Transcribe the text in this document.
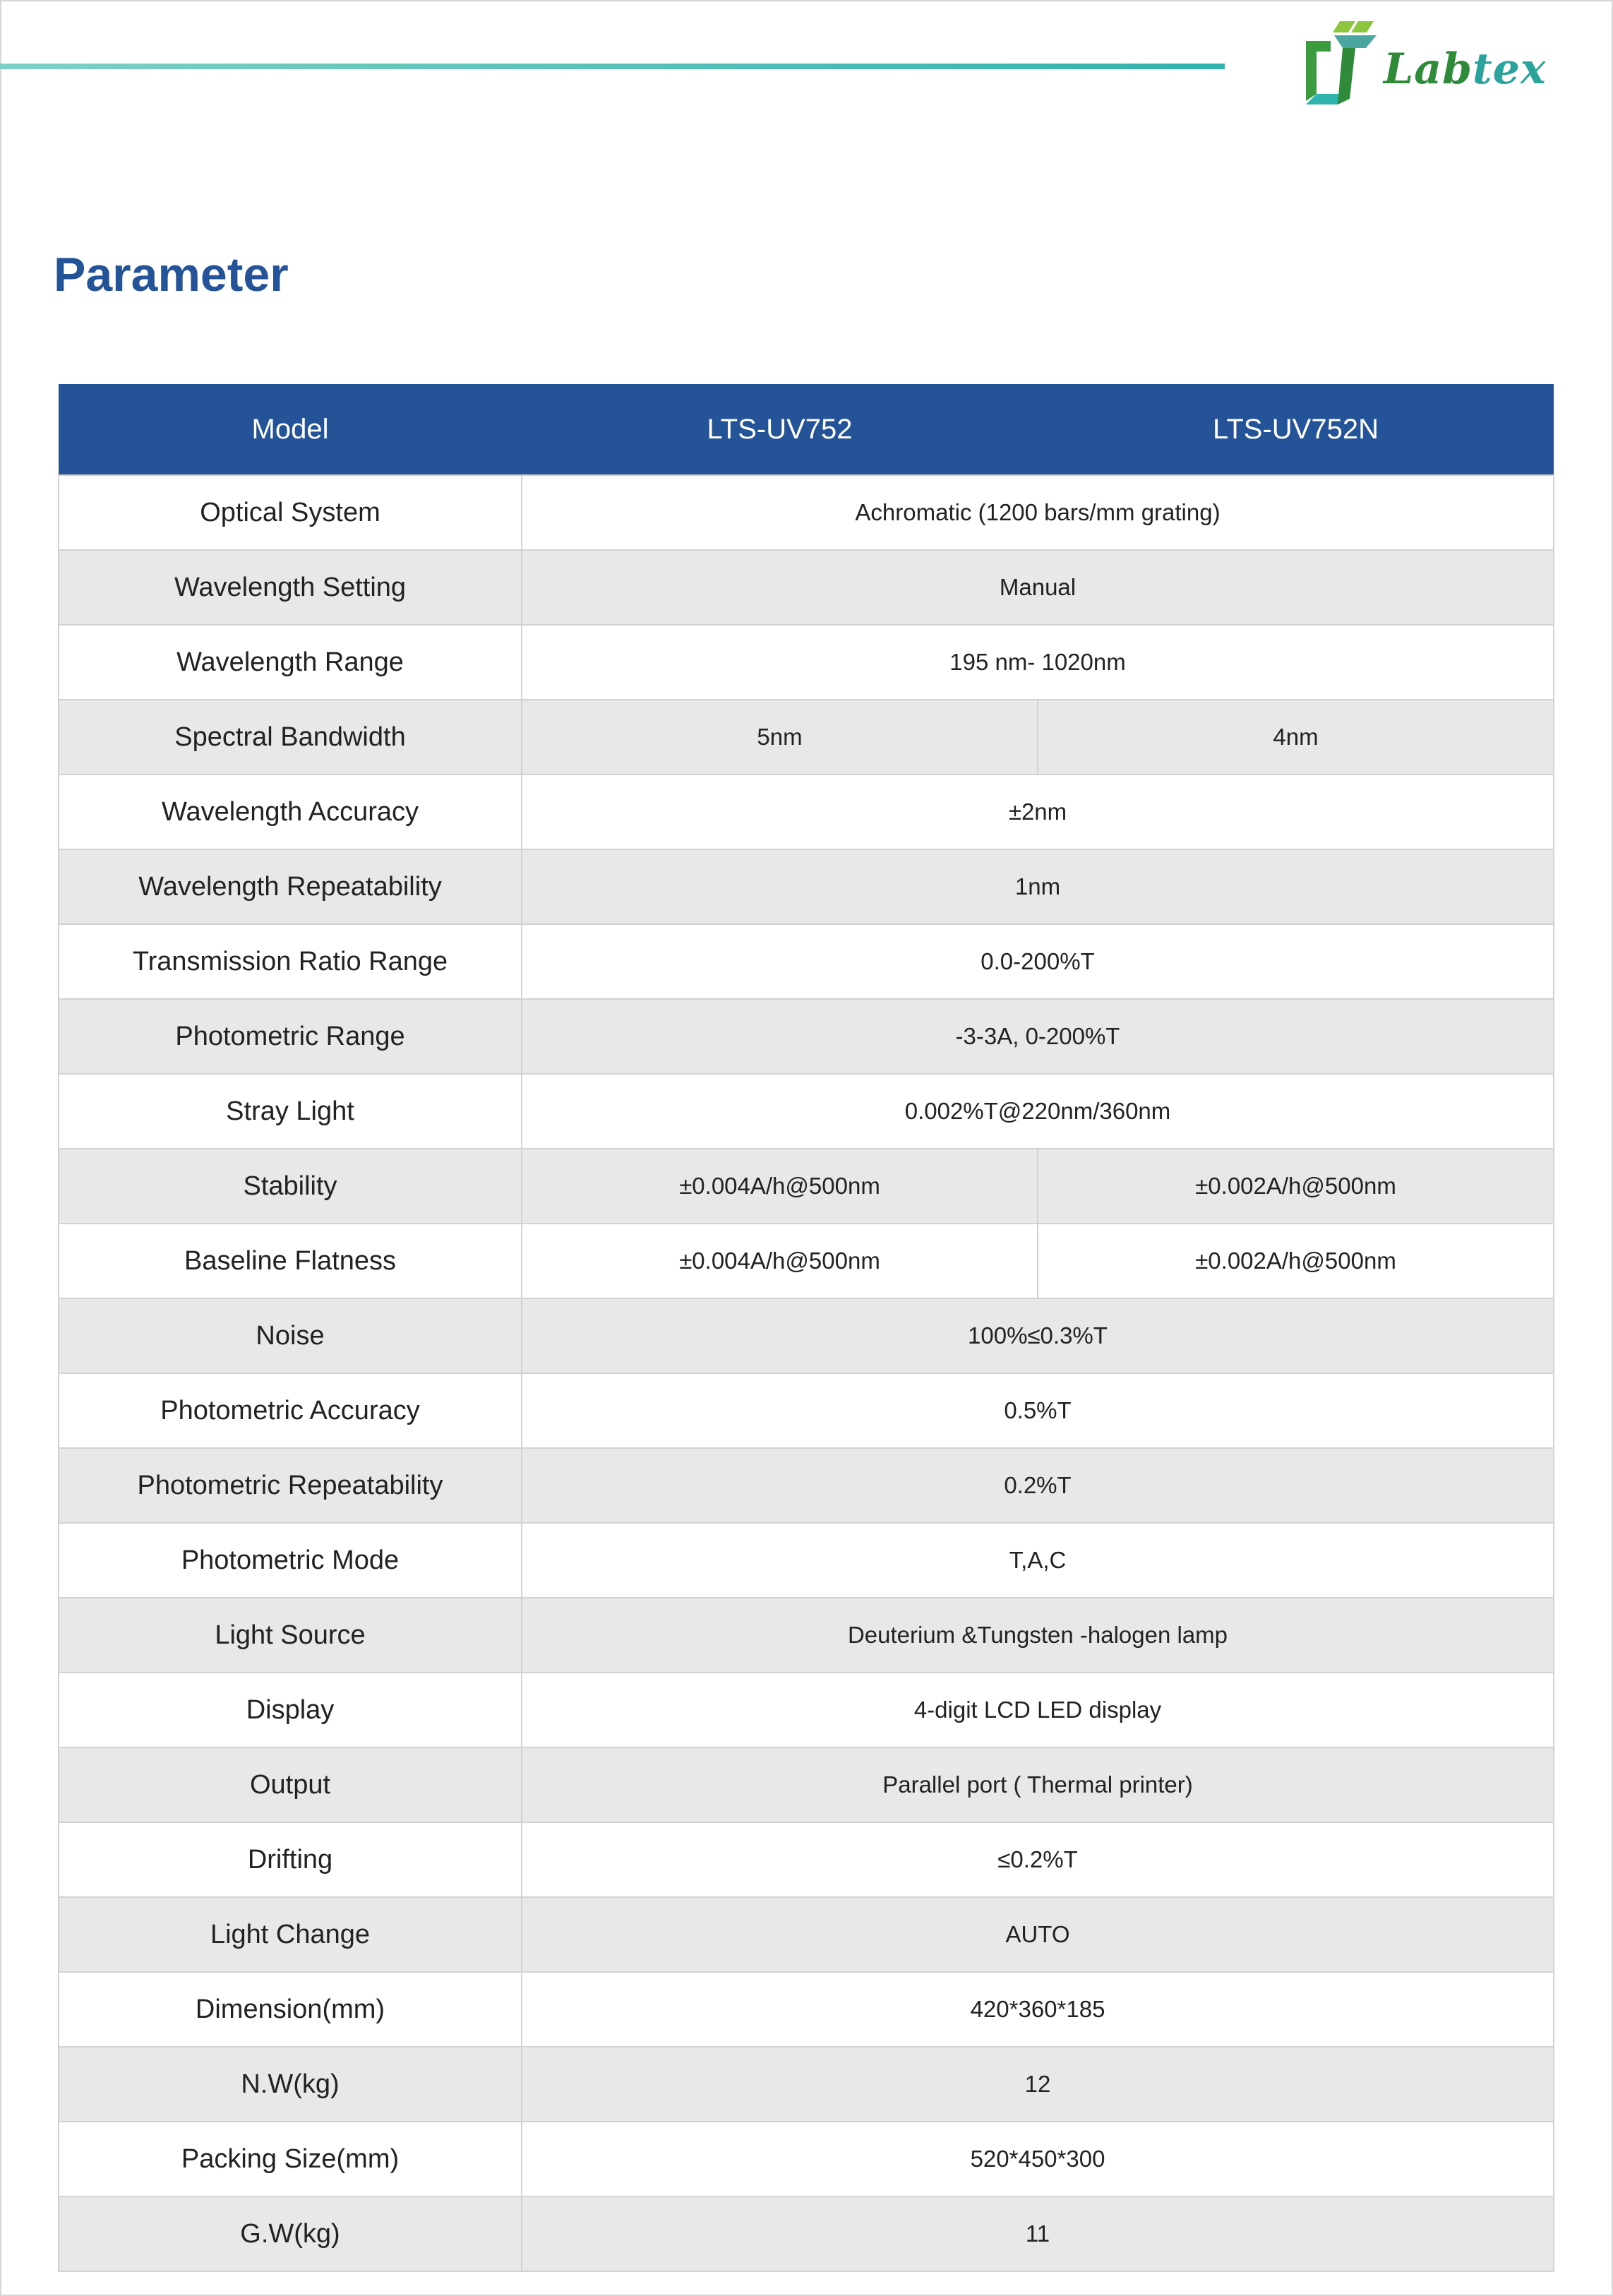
Labtex
Parameter
Model	LTS-UV752	LTS-UV752N
Optical System	Achromatic (1200 bars/mm grating)	
Wavelength Setting	Manual	
Wavelength Range	195 nm- 1020nm	
Spectral Bandwidth	5nm	4nm
Wavelength Accuracy	±2nm	
Wavelength Repeatability	1nm	
Transmission Ratio Range	0.0-200%T	
Photometric Range	-3-3A, 0-200%T	
Stray Light	0.002%T@220nm/360nm	
Stability	±0.004A/h@500nm	±0.002A/h@500nm
Baseline Flatness	±0.004A/h@500nm	±0.002A/h@500nm
Noise	100%≤0.3%T	
Photometric Accuracy	0.5%T	
Photometric Repeatability	0.2%T	
Photometric Mode	T,A,C	
Light Source	Deuterium &Tungsten -halogen lamp	
Display	4-digit LCD LED display	
Output	Parallel port ( Thermal printer)	
Drifting	≤0.2%T	
Light Change	AUTO	
Dimension(mm)	420*360*185	
N.W(kg)	12	
Packing Size(mm)	520*450*300	
G.W(kg)	11	
